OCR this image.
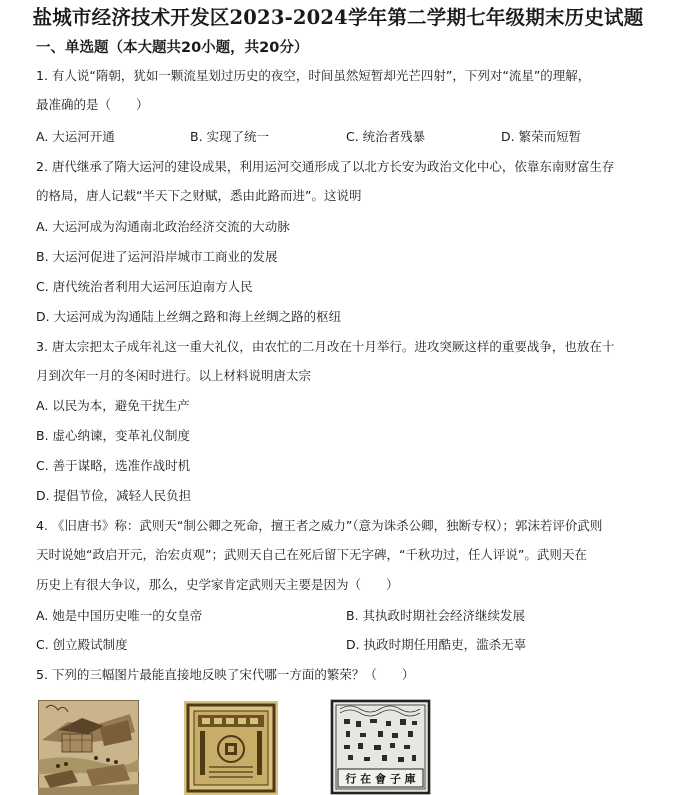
盐城市经济技术开发区2023-2024学年第二学期七年级期末历史试题
一、单选题（本大题共20小题，共20分）
1. 有人说“隋朝，犹如一颗流星划过历史的夜空，时间虽然短暂却光芒四射”，下列对“流星”的理解，
最准确的是（　　）
A. 大运河开通	B. 实现了统一	C. 统治者残暴	D. 繁荣而短暂
2. 唐代继承了隋大运河的建设成果，利用运河交通形成了以北方长安为政治文化中心，依靠东南财富生存
的格局，唐人记载“半天下之财赋，悉由此路而进”。这说明
A. 大运河成为沟通南北政治经济交流的大动脉
B. 大运河促进了运河沿岸城市工商业的发展
C. 唐代统治者利用大运河压迫南方人民
D. 大运河成为沟通陆上丝绸之路和海上丝绸之路的枢纽
3. 唐太宗把太子成年礼这一重大礼仪，由农忙的二月改在十月举行。进攻突厥这样的重要战争，也放在十
月到次年一月的冬闲时进行。以上材料说明唐太宗
A. 以民为本，避免干扰生产
B. 虚心纳谏，变革礼仪制度
C. 善于谋略，选准作战时机
D. 提倡节俭，减轻人民负担
4. 《旧唐书》称：武则天“制公卿之死命，擅王者之威力”（意为诛杀公卿，独断专权）；郭沫若评价武则
天时说她“政启开元，治宏贞观”；武则天自己在死后留下无字碑，“千秋功过，任人评说”。武则天在
历史上有很大争议，那么，史学家肯定武则天主要是因为（　　）
A. 她是中国历史唯一的女皇帝	B. 其执政时期社会经济继续发展
C. 创立殿试制度	D. 执政时期任用酷吏，滥杀无辜
5. 下列的三幅图片最能直接地反映了宋代哪一方面的繁荣？（　　）
行 在 會 子 庫
